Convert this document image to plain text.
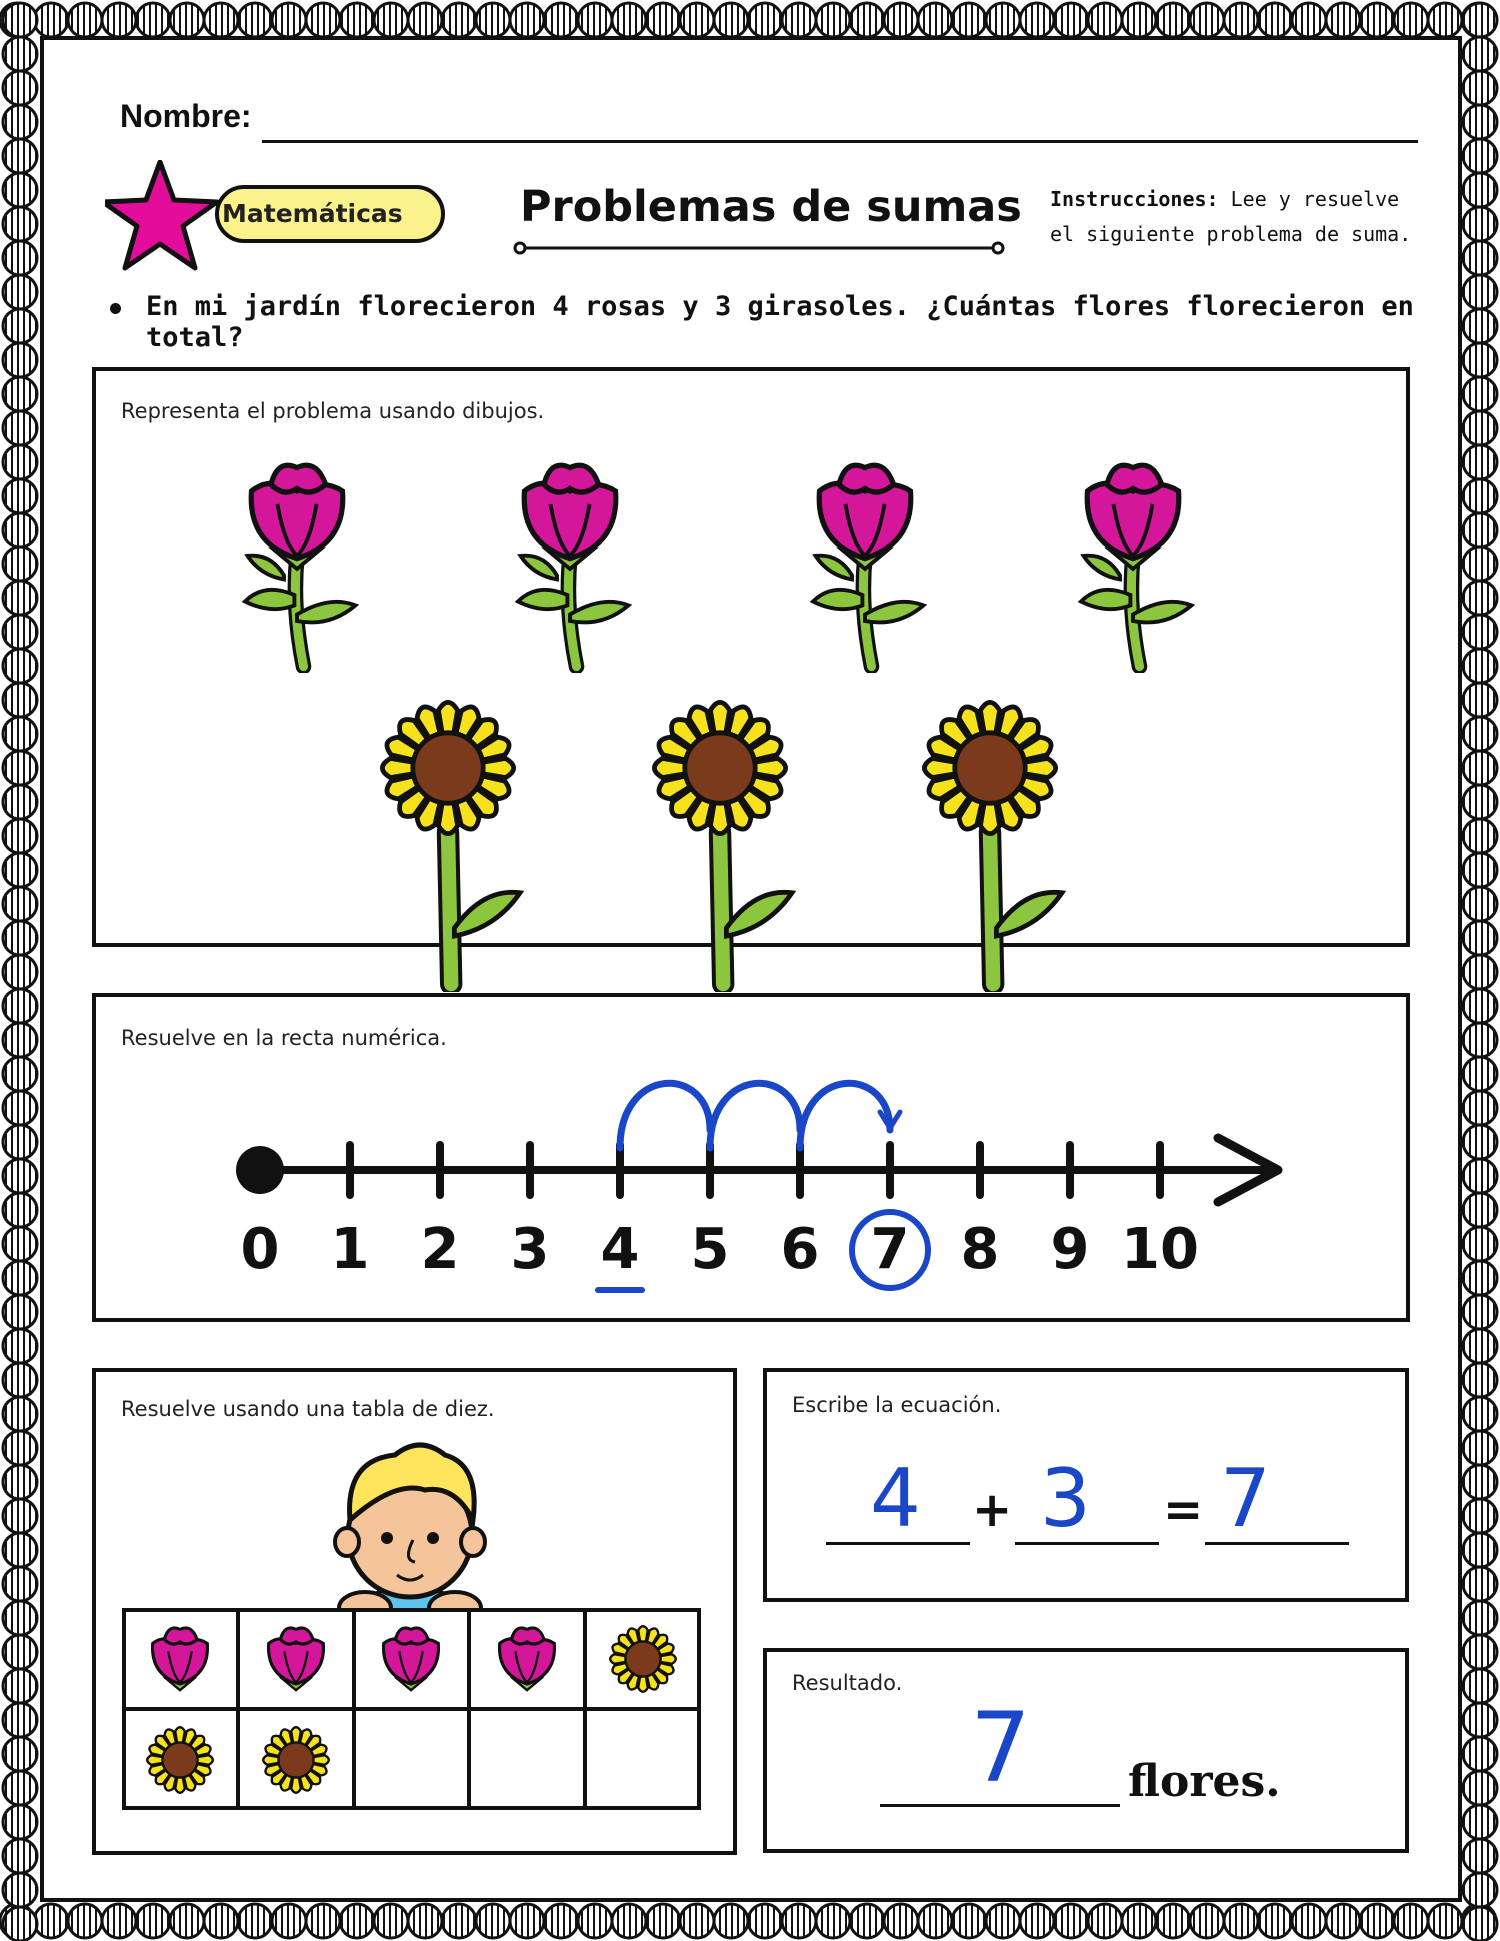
Nombre:
Matemáticas	Problemas de sumas Instrucciones: Lee y resuelve el siguiente problema de suma.
En mi jardín florecieron 4 rosas y 3 girasoles. ¿Cuántas flores florecieron en total?
Representa el problema usando dibujos.
Resuelve en la recta numérica.
0 1 2 3 4 5 6 7 8 9 10
Resuelve usando una tabla de diez.	Escribe la ecuación.
4 + 3 = 7
Resultado.
7 flores.
